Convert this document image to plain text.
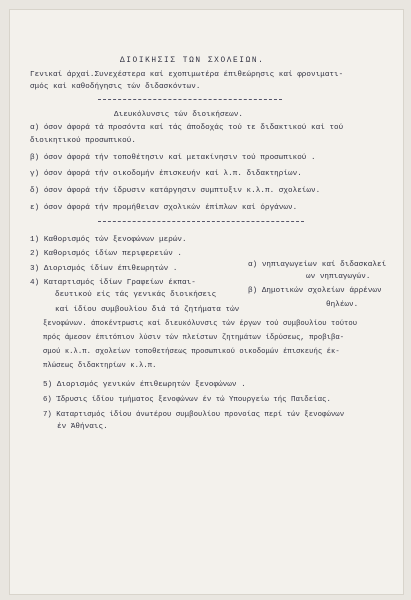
ΔΙΟΙΚΗΣΙΣ ΤΩΝ ΣΧΟΛΕΙΩΝ.
Γενικαί άρχαί.Συνεχέστερα καί εχοπιμωτέρα έπιθεώρησις καί φρονιματι-
σμός καί καθοδήγησις τών διδασκόντων.
Διευκόλυνσις τών διοικήσεων.
α) όσον άφορά τά προσόντα καί τάς άποδοχάς τού τε διδακτικού καί τού
διοικητικού προσωπικού.
β) όσον άφορά τήν τοποθέτησιν καί μετακίνησιν τού προσωπικού .
γ) όσον άφορά τήν οικοδομήν έπισκευήν καί λ.π. διδακτηρίων.
δ) όσον άφορά τήν ίδρυσιν κατάργησιν συμπτυξιν κ.λ.π. σχολείων.
ε) όσον άφορά τήν προμήθειαν σχολικών έπίπλων καί όργάνων.
1) Καθορισμός τών ξενοφώνων μερών.
2) Καθορισμός ίδίων περιφερειών .
3) Διορισμός ίδίων έπιθεωρητών .
4) Καταρτισμός ίδίων Γραφείων έκπαι-
δευτικού είς τάς γενικάς διοικήσεις
καί ίδίου συμβουλίου διά τά ζητήματα τών
α) νηπιαγωγείων καί διδασκαλεί
ων νηπιαγωγών.
β) Δημοτικών σχολείων άρρένων
θηλέων.
ξενοφώνων. άποκέντρωσις καί διευκόλυνσις τών έργων τού συμβουλίου τούτου
πρός άμεσον έπιτόπιον λύσιν τών πλείστων ζητημάτων ίδρύσεως, προβιβα-
σμού κ.λ.π. σχολείων τοποθετήσεως προσωπικού οικοδομών έπισκευής έκ-
πλώσεως διδακτηρίων κ.λ.π.
5) Διορισμός γενικών έπιθεωρητών ξενοφώνων .
6) Ίδρυσις ίδίου τμήματος ξενοφώνων έν τώ Υπουργείω τής Παιδείας.
7) Καταρτισμός ίδίου άνωτέρου συμβουλίου προνοίας περί τών ξενοφώνων
έν Άθήναις.
